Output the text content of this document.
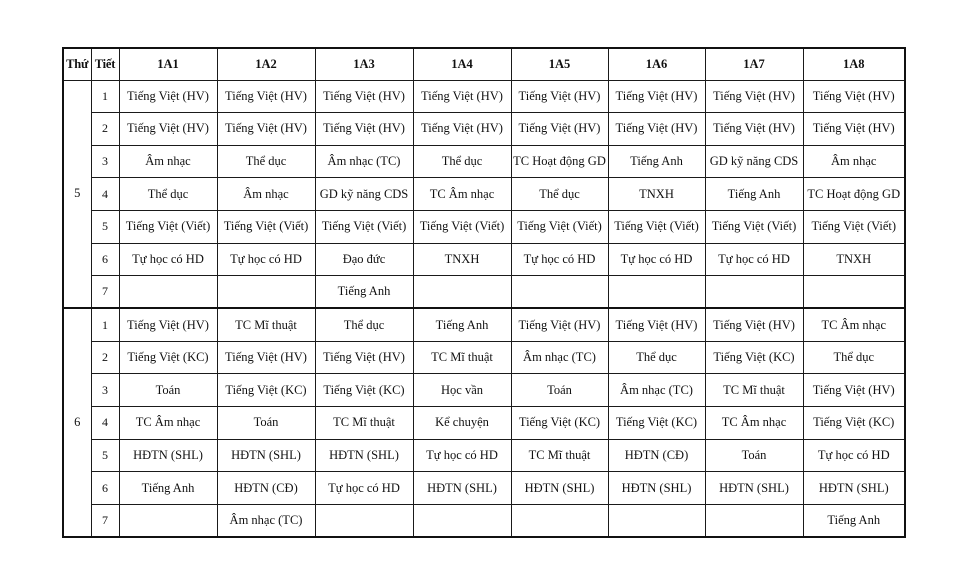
Thứ	Tiết	1A1	1A2	1A3	1A4	1A5	1A6	1A7	1A8
5	1	Tiếng Việt (HV)	Tiếng Việt (HV)	Tiếng Việt (HV)	Tiếng Việt (HV)	Tiếng Việt (HV)	Tiếng Việt (HV)	Tiếng Việt (HV)	Tiếng Việt (HV)
	2	Tiếng Việt (HV)	Tiếng Việt (HV)	Tiếng Việt (HV)	Tiếng Việt (HV)	Tiếng Việt (HV)	Tiếng Việt (HV)	Tiếng Việt (HV)	Tiếng Việt (HV)
	3	Âm nhạc	Thể dục	Âm nhạc (TC)	Thể dục	TC Hoạt động GD	Tiếng Anh	GD kỹ năng CDS	Âm nhạc
	4	Thể dục	Âm nhạc	GD kỹ năng CDS	TC Âm nhạc	Thể dục	TNXH	Tiếng Anh	TC Hoạt động GD
	5	Tiếng Việt (Viết)	Tiếng Việt (Viết)	Tiếng Việt (Viết)	Tiếng Việt (Viết)	Tiếng Việt (Viết)	Tiếng Việt (Viết)	Tiếng Việt (Viết)	Tiếng Việt (Viết)
	6	Tự học có HD	Tự học có HD	Đạo đức	TNXH	Tự học có HD	Tự học có HD	Tự học có HD	TNXH
	7			Tiếng Anh					
6	1	Tiếng Việt (HV)	TC Mĩ thuật	Thể dục	Tiếng Anh	Tiếng Việt (HV)	Tiếng Việt (HV)	Tiếng Việt (HV)	TC Âm nhạc
	2	Tiếng Việt (KC)	Tiếng Việt (HV)	Tiếng Việt (HV)	TC Mĩ thuật	Âm nhạc (TC)	Thể dục	Tiếng Việt (KC)	Thể dục
	3	Toán	Tiếng Việt (KC)	Tiếng Việt (KC)	Học vần	Toán	Âm nhạc (TC)	TC Mĩ thuật	Tiếng Việt (HV)
	4	TC Âm nhạc	Toán	TC Mĩ thuật	Kể chuyện	Tiếng Việt (KC)	Tiếng Việt (KC)	TC Âm nhạc	Tiếng Việt (KC)
	5	HĐTN (SHL)	HĐTN (SHL)	HĐTN (SHL)	Tự học có HD	TC Mĩ thuật	HĐTN (CĐ)	Toán	Tự học có HD
	6	Tiếng Anh	HĐTN (CĐ)	Tự học có HD	HĐTN (SHL)	HĐTN (SHL)	HĐTN (SHL)	HĐTN (SHL)	HĐTN (SHL)
	7		Âm nhạc (TC)						Tiếng Anh
